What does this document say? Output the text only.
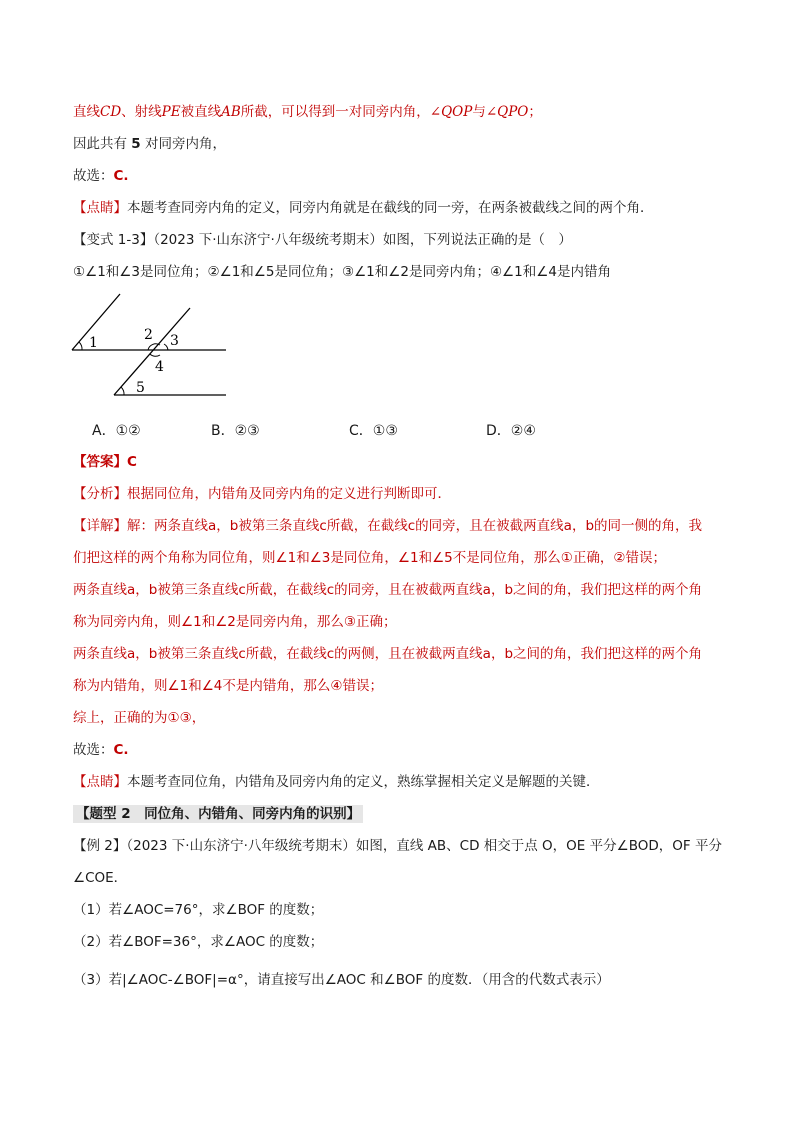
直线CD、射线PE被直线AB所截，可以得到一对同旁内角，∠QOP与∠QPO；
因此共有 5 对同旁内角，
故选：C.
【点睛】本题考查同旁内角的定义，同旁内角就是在截线的同一旁，在两条被截线之间的两个角．
【变式 1-3】（2023 下·山东济宁·八年级统考期末）如图，下列说法正确的是（　）
①∠1和∠3是同位角；②∠1和∠5是同位角；③∠1和∠2是同旁内角；④∠1和∠4是内错角
1	2 3
4
5
A．①②	B．②③	C．①③	D．②④
【答案】C
【分析】根据同位角，内错角及同旁内角的定义进行判断即可．
【详解】解：两条直线a，b被第三条直线c所截，在截线c的同旁，且在被截两直线a，b的同一侧的角，我
们把这样的两个角称为同位角，则∠1和∠3是同位角，∠1和∠5不是同位角，那么①正确，②错误；
两条直线a，b被第三条直线c所截，在截线c的同旁，且在被截两直线a，b之间的角，我们把这样的两个角
称为同旁内角，则∠1和∠2是同旁内角，那么③正确；
两条直线a，b被第三条直线c所截，在截线c的两侧，且在被截两直线a，b之间的角，我们把这样的两个角
称为内错角，则∠1和∠4不是内错角，那么④错误；
综上，正确的为①③，
故选：C.
【点睛】本题考查同位角，内错角及同旁内角的定义，熟练掌握相关定义是解题的关键．
【题型 2　同位角、内错角、同旁内角的识别】
【例 2】（2023 下·山东济宁·八年级统考期末）如图，直线 AB、CD 相交于点 O，OE 平分∠BOD，OF 平分
∠COE．
（1）若∠AOC=76°，求∠BOF 的度数；
（2）若∠BOF=36°，求∠AOC 的度数；
（3）若|∠AOC-∠BOF|=α°，请直接写出∠AOC 和∠BOF 的度数．（用含的代数式表示）
